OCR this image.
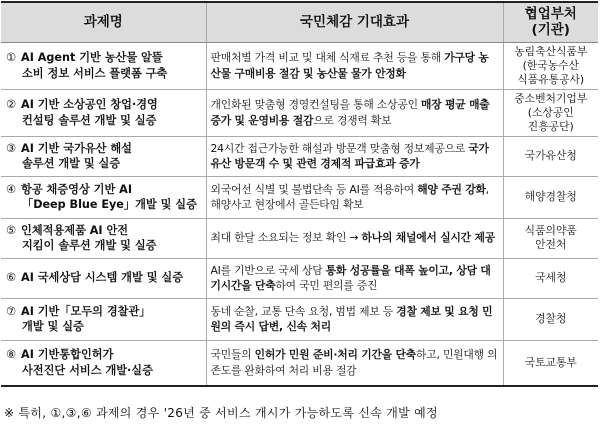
과제명	국민체감 기대효과	협업부처
(기관)
① AI Agent 기반 농산물 알뜰
소비 정보 서비스 플랫폼 구축	판매처별 가격 비교 및 대체 식재료 추천 등을 통해 가구당 농산물 구매비용 절감 및 농산물 물가 안정화	농림축산식품부
(한국농수산
식품유통공사)
② AI 기반 소상공인 창업·경영
컨설팅 솔루션 개발 및 실증	개인화된 맞춤형 경영컨설팅을 통해 소상공인 매장 평균 매출 증가 및 운영비용 절감으로 경쟁력 확보	중소벤처기업부
(소상공인
진흥공단)
③ AI 기반 국가유산 해설
솔루션 개발 및 실증	24시간 접근가능한 해설과 방문객 맞춤형 정보제공으로 국가유산 방문객 수 및 관련 경제적 파급효과 증가	국가유산청
④ 항공 채증영상 기반 AI
「Deep Blue Eye」개발 및 실증	외국어선 식별 및 불법단속 등 AI를 적용하여 해양 주권 강화, 해양사고 현장에서 골든타임 확보	해양경찰청
⑤ 인체적용제품 AI 안전
지킴이 솔루션 개발 및 실증	최대 한달 소요되는 정보 확인 → 하나의 채널에서 실시간 제공	식품의약품
안전처
⑥ AI 국세상담 시스템 개발 및 실증	AI를 기반으로 국세 상담 통화 성공률을 대폭 높이고, 상담 대기시간을 단축하여 국민 편의를 증진	국세청
⑦ AI 기반「모두의 경찰관」
개발 및 실증	동네 순찰, 교통 단속 요청, 범법 제보 등 경찰 제보 및 요청 민원의 즉시 답변, 신속 처리	경찰청
⑧ AI 기반통합인허가
사전진단 서비스 개발·실증	국민들의 인허가 민원 준비·처리 기간을 단축하고, 민원대행 의존도를 완화하여 처리 비용 절감	국토교통부
※ 특히, ①,③,⑥ 과제의 경우 '26년 중 서비스 개시가 가능하도록 신속 개발 예정
